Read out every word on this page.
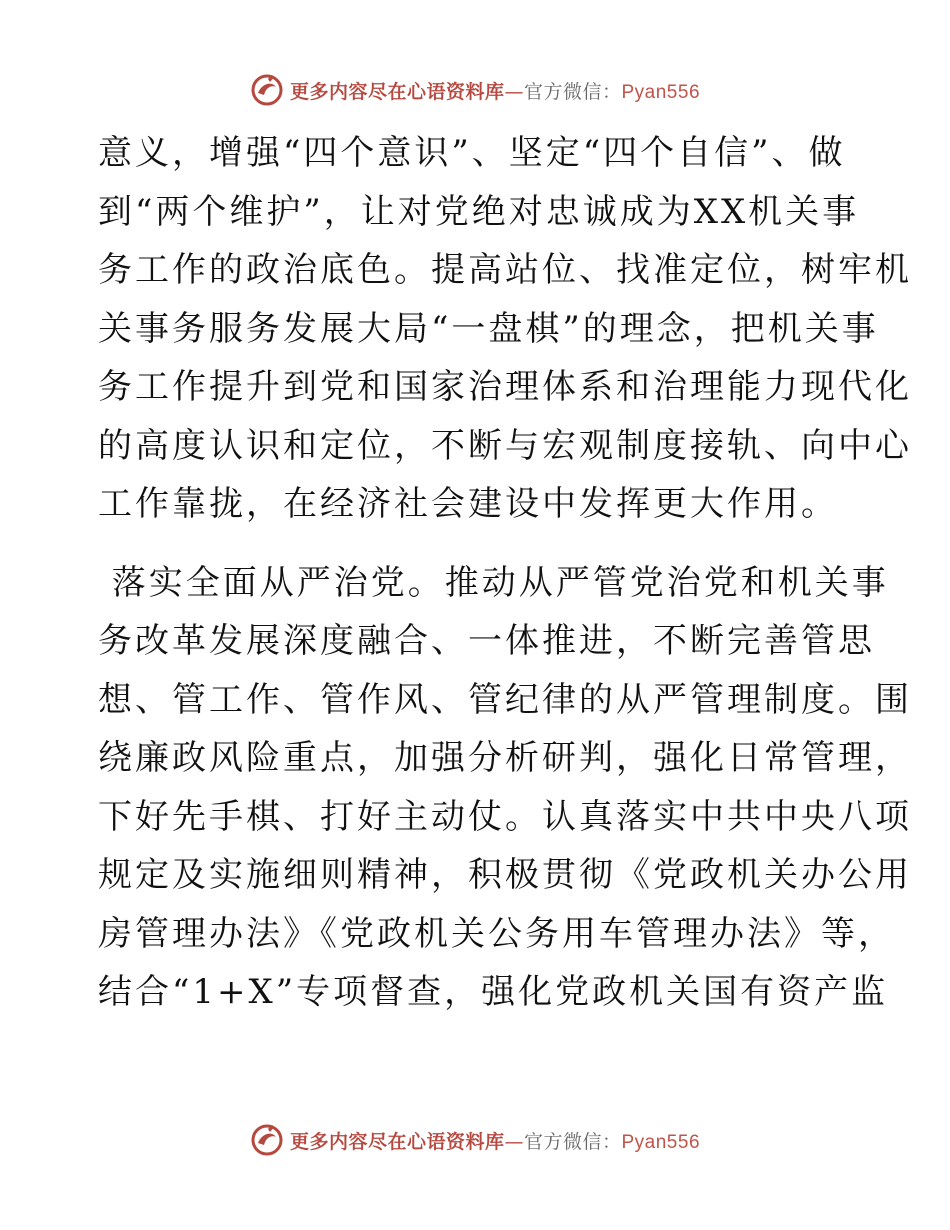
更多内容尽在心语资料库—官方微信：Pyan556

意义，增强“四个意识”、坚定“四个自信”、做
到“两个维护”，让对党绝对忠诚成为XX机关事
务工作的政治底色。提高站位、找准定位，树牢机
关事务服务发展大局“一盘棋”的理念，把机关事
务工作提升到党和国家治理体系和治理能力现代化
的高度认识和定位，不断与宏观制度接轨、向中心
工作靠拢，在经济社会建设中发挥更大作用。

落实全面从严治党。推动从严管党治党和机关事
务改革发展深度融合、一体推进，不断完善管思
想、管工作、管作风、管纪律的从严管理制度。围
绕廉政风险重点，加强分析研判，强化日常管理，
下好先手棋、打好主动仗。认真落实中共中央八项
规定及实施细则精神，积极贯彻《党政机关办公用
房管理办法》《党政机关公务用车管理办法》等，
结合“1+X”专项督查，强化党政机关国有资产监

更多内容尽在心语资料库—官方微信：Pyan556
